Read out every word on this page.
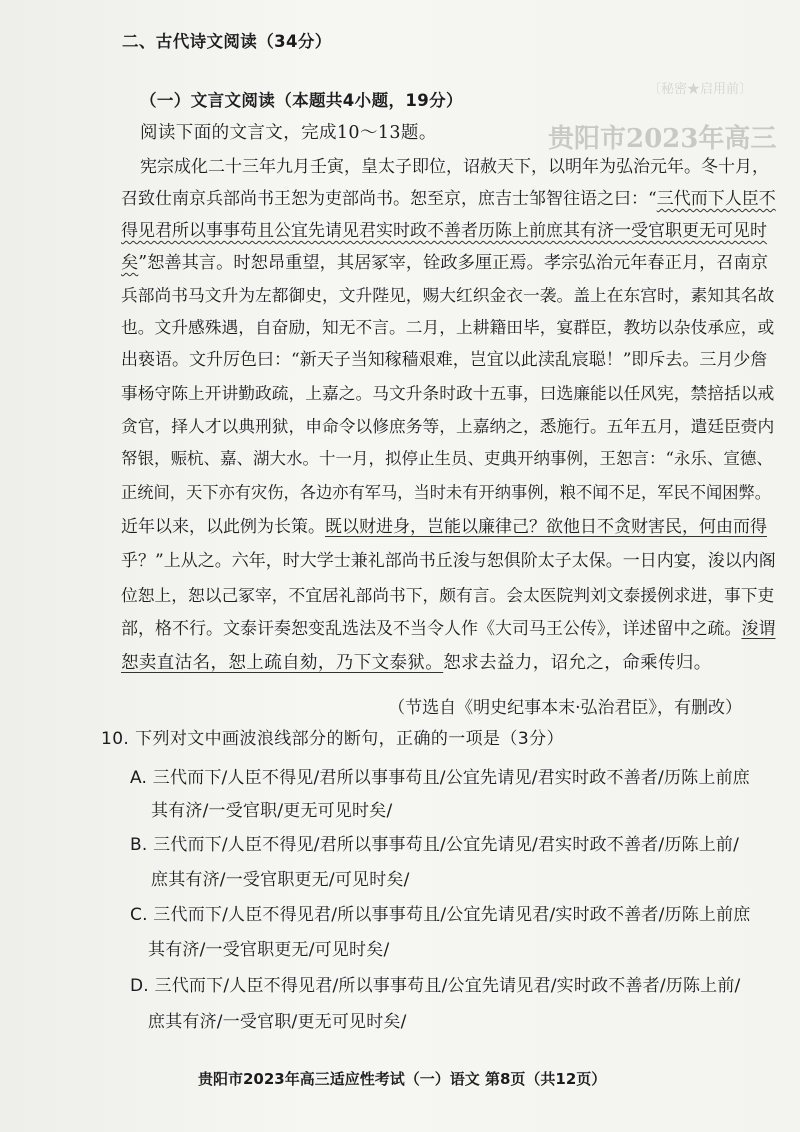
贵阳市2023年高三
〔秘密★启用前〕
二、古代诗文阅读（34分）
（一）文言文阅读（本题共4小题，19分）
阅读下面的文言文，完成10～13题。
宪宗成化二十三年九月壬寅，皇太子即位，诏赦天下，以明年为弘治元年。冬十月，
召致仕南京兵部尚书王恕为吏部尚书。恕至京，庶吉士邹智往语之曰：“三代而下人臣不
得见君所以事事苟且公宜先请见君实时政不善者历陈上前庶其有济一受官职更无可见时
矣”恕善其言。时恕昂重望，其居冢宰，铨政多厘正焉。孝宗弘治元年春正月，召南京
兵部尚书马文升为左都御史，文升陛见，赐大红织金衣一袭。盖上在东宫时，素知其名故
也。文升感殊遇，自奋励，知无不言。二月，上耕籍田毕，宴群臣，教坊以杂伎承应，或
出亵语。文升厉色曰：“新天子当知稼穑艰难，岂宜以此渎乱宸聪！”即斥去。三月少詹
事杨守陈上开讲勤政疏，上嘉之。马文升条时政十五事，曰选廉能以任风宪，禁掊括以戒
贪官，择人才以典刑狱，申命令以修庶务等，上嘉纳之，悉施行。五年五月，遣廷臣赍内
帑银，赈杭、嘉、湖大水。十一月，拟停止生员、吏典开纳事例，王恕言：“永乐、宣德、
正统间，天下亦有灾伤，各边亦有军马，当时未有开纳事例，粮不闻不足，军民不闻困弊。
近年以来，以此例为长策。既以财进身，岂能以廉律己？欲他日不贪财害民，何由而得
乎？”上从之。六年，时大学士兼礼部尚书丘浚与恕俱阶太子太保。一日内宴，浚以内阁
位恕上，恕以己冢宰，不宜居礼部尚书下，颇有言。会太医院判刘文泰援例求进，事下吏
部，格不行。文泰讦奏恕变乱选法及不当令人作《大司马王公传》，详述留中之疏。浚谓
恕卖直沽名，恕上疏自劾，乃下文泰狱。恕求去益力，诏允之，命乘传归。
（节选自《明史纪事本末·弘治君臣》，有删改）
10. 下列对文中画波浪线部分的断句，正确的一项是（3分）
A. 三代而下/人臣不得见/君所以事事苟且/公宜先请见/君实时政不善者/历陈上前庶
其有济/一受官职/更无可见时矣/
B. 三代而下/人臣不得见/君所以事事苟且/公宜先请见/君实时政不善者/历陈上前/
庶其有济/一受官职更无/可见时矣/
C. 三代而下/人臣不得见君/所以事事苟且/公宜先请见君/实时政不善者/历陈上前庶
其有济/一受官职更无/可见时矣/
D. 三代而下/人臣不得见君/所以事事苟且/公宜先请见君/实时政不善者/历陈上前/
庶其有济/一受官职/更无可见时矣/
贵阳市2023年高三适应性考试（一）语文 第8页（共12页）
